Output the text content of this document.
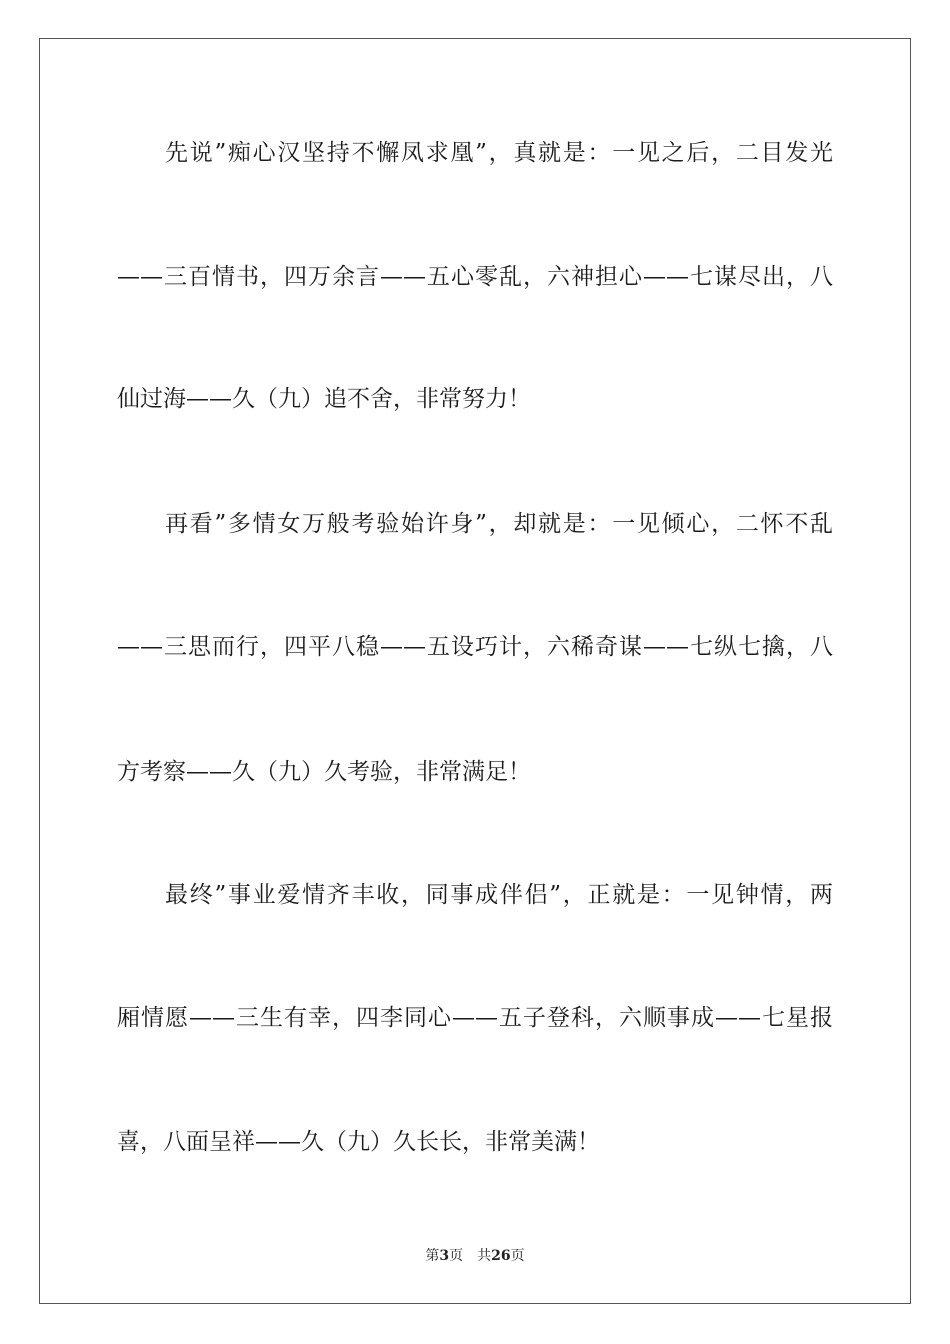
先说”痴心汉坚持不懈凤求凰”，真就是：一见之后，二目发光
——三百情书，四万余言——五心零乱，六神担心——七谋尽出，八
仙过海——久（九）追不舍，非常努力！
再看”多情女万般考验始许身”，却就是：一见倾心，二怀不乱
——三思而行，四平八稳——五设巧计，六稀奇谋——七纵七擒，八
方考察——久（九）久考验，非常满足！
最终”事业爱情齐丰收，同事成伴侣”，正就是：一见钟情，两
厢情愿——三生有幸，四李同心——五子登科，六顺事成——七星报
喜，八面呈祥——久（九）久长长，非常美满！
第3页 共26页
